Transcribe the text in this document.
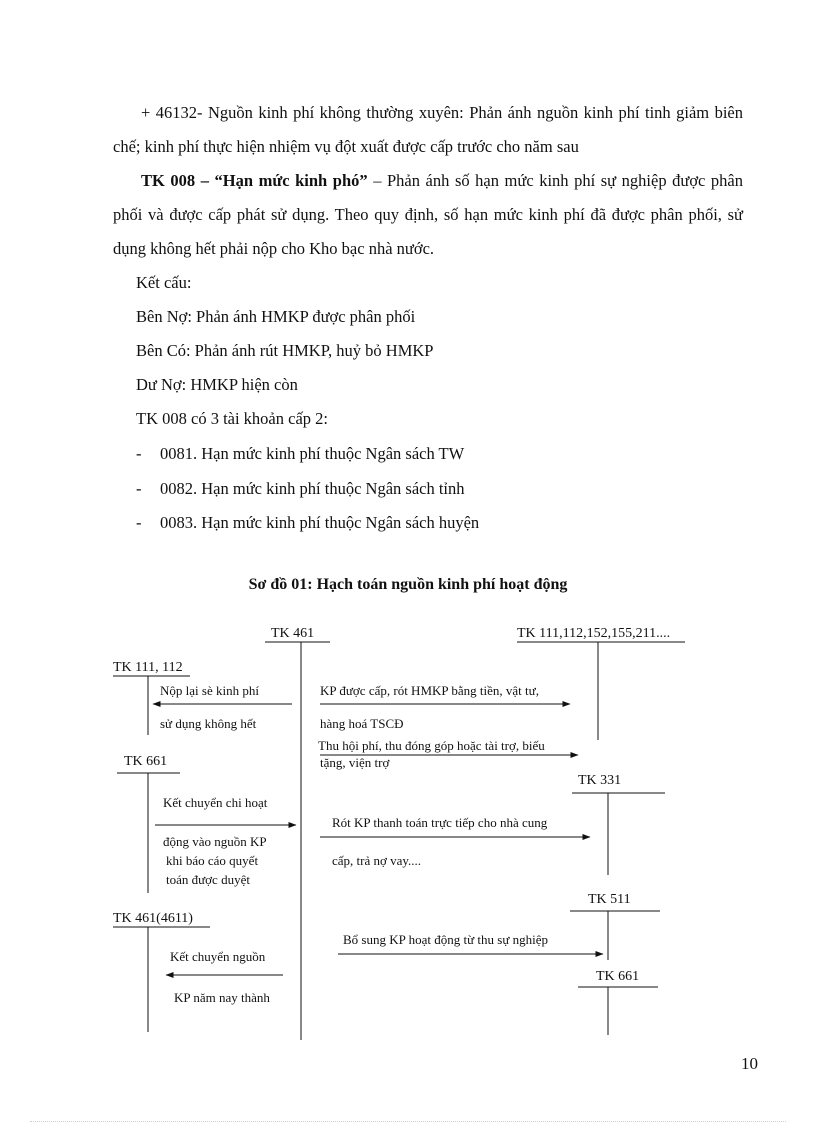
+ 46132- Nguồn kinh phí không thường xuyên: Phản ánh nguồn kinh phí tinh giảm biên chế; kinh phí thực hiện nhiệm vụ đột xuất được cấp trước cho năm sau

TK 008 – “Hạn mức kinh phó” – Phản ánh số hạn mức kinh phí sự nghiệp được phân phối và được cấp phát sử dụng. Theo quy định, số hạn mức kinh phí đã được phân phối, sử dụng không hết phải nộp cho Kho bạc nhà nước.

Kết cấu:
Bên Nợ: Phản ánh HMKP được phân phối
Bên Có: Phản ánh rút HMKP, huỷ bỏ HMKP
Dư Nợ: HMKP hiện còn
TK 008 có 3 tài khoản cấp 2:
- 0081. Hạn mức kinh phí thuộc Ngân sách TW
- 0082. Hạn mức kinh phí thuộc Ngân sách tỉnh
- 0083. Hạn mức kinh phí thuộc Ngân sách huyện
Sơ đồ 01: Hạch toán nguồn kinh phí hoạt động
TK 461	TK 111,112,152,155,211....
TK 111, 112
TK 661
TK 331
TK 461(4611)
TK 511
TK 661
Nộp lại sè kinh phí
sử dụng không hết
KP được cấp, rót HMKP bằng tiền, vật tư,
hàng hoá TSCĐ
Thu hội phí, thu đóng góp hoặc tài trợ, biếu
tặng, viện trợ
Kết chuyển chi hoạt
động vào nguồn KP
khi báo cáo quyết
toán được duyệt
Rót KP thanh toán trực tiếp cho nhà cung
cấp, trả nợ vay....
Bổ sung KP hoạt động từ thu sự nghiệp
Kết chuyển nguồn
KP năm nay thành
10
